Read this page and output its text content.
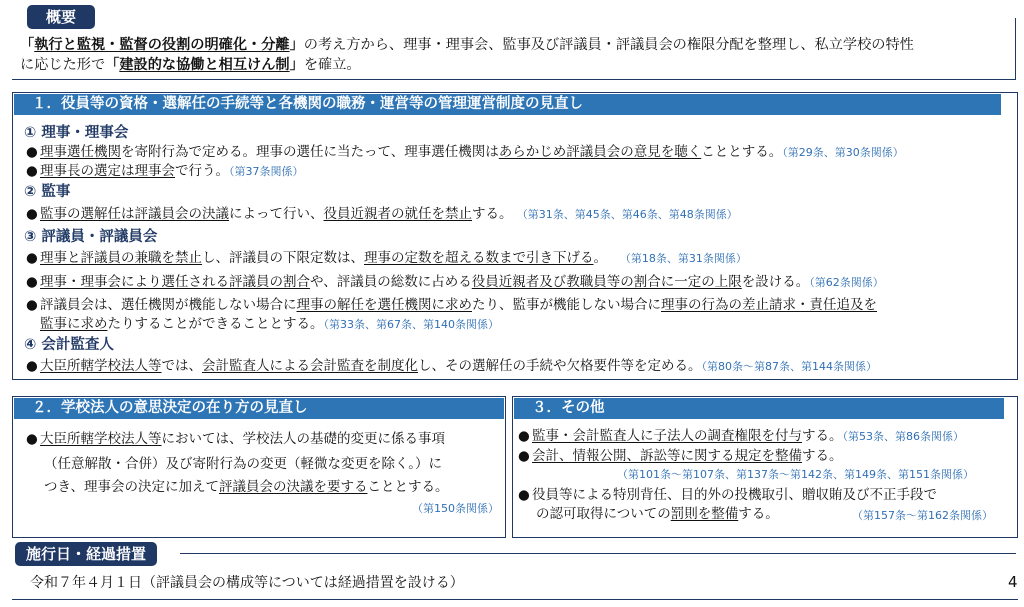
概要
「執行と監視・監督の役割の明確化・分離」の考え方から、理事・理事会、監事及び評議員・評議員会の権限分配を整理し、私立学校の特性
に応じた形で「建設的な協働と相互けん制」を確立。
１．役員等の資格・選解任の手続等と各機関の職務・運営等の管理運営制度の見直し
① 理事・理事会
● 理事選任機関を寄附行為で定める。理事の選任に当たって、理事選任機関はあらかじめ評議員会の意見を聴くこととする。（第29条、第30条関係）
● 理事長の選定は理事会で行う。（第37条関係）
② 監事
● 監事の選解任は評議員会の決議によって行い、役員近親者の就任を禁止する。 （第31条、第45条、第46条、第48条関係）
③ 評議員・評議員会
● 理事と評議員の兼職を禁止し、評議員の下限定数は、理事の定数を超える数まで引き下げる。 （第18条、第31条関係）
● 理事・理事会により選任される評議員の割合や、評議員の総数に占める役員近親者及び教職員等の割合に一定の上限を設ける。（第62条関係）
● 評議員会は、選任機関が機能しない場合に理事の解任を選任機関に求めたり、監事が機能しない場合に理事の行為の差止請求・責任追及を
監事に求めたりすることができることとする。（第33条、第67条、第140条関係）
④ 会計監査人
● 大臣所轄学校法人等では、会計監査人による会計監査を制度化し、その選解任の手続や欠格要件等を定める。（第80条～第87条、第144条関係）
２．学校法人の意思決定の在り方の見直し
● 大臣所轄学校法人等においては、学校法人の基礎的変更に係る事項
（任意解散・合併）及び寄附行為の変更（軽微な変更を除く。）に
つき、理事会の決定に加えて評議員会の決議を要することとする。
（第150条関係）
３．その他
● 監事・会計監査人に子法人の調査権限を付与する。（第53条、第86条関係）
● 会計、情報公開、訴訟等に関する規定を整備する。
（第101条～第107条、第137条～第142条、第149条、第151条関係）
● 役員等による特別背任、目的外の投機取引、贈収賄及び不正手段で
の認可取得についての罰則を整備する。	（第157条～第162条関係）
施行日・経過措置
令和７年４月１日（評議員会の構成等については経過措置を設ける）	4
